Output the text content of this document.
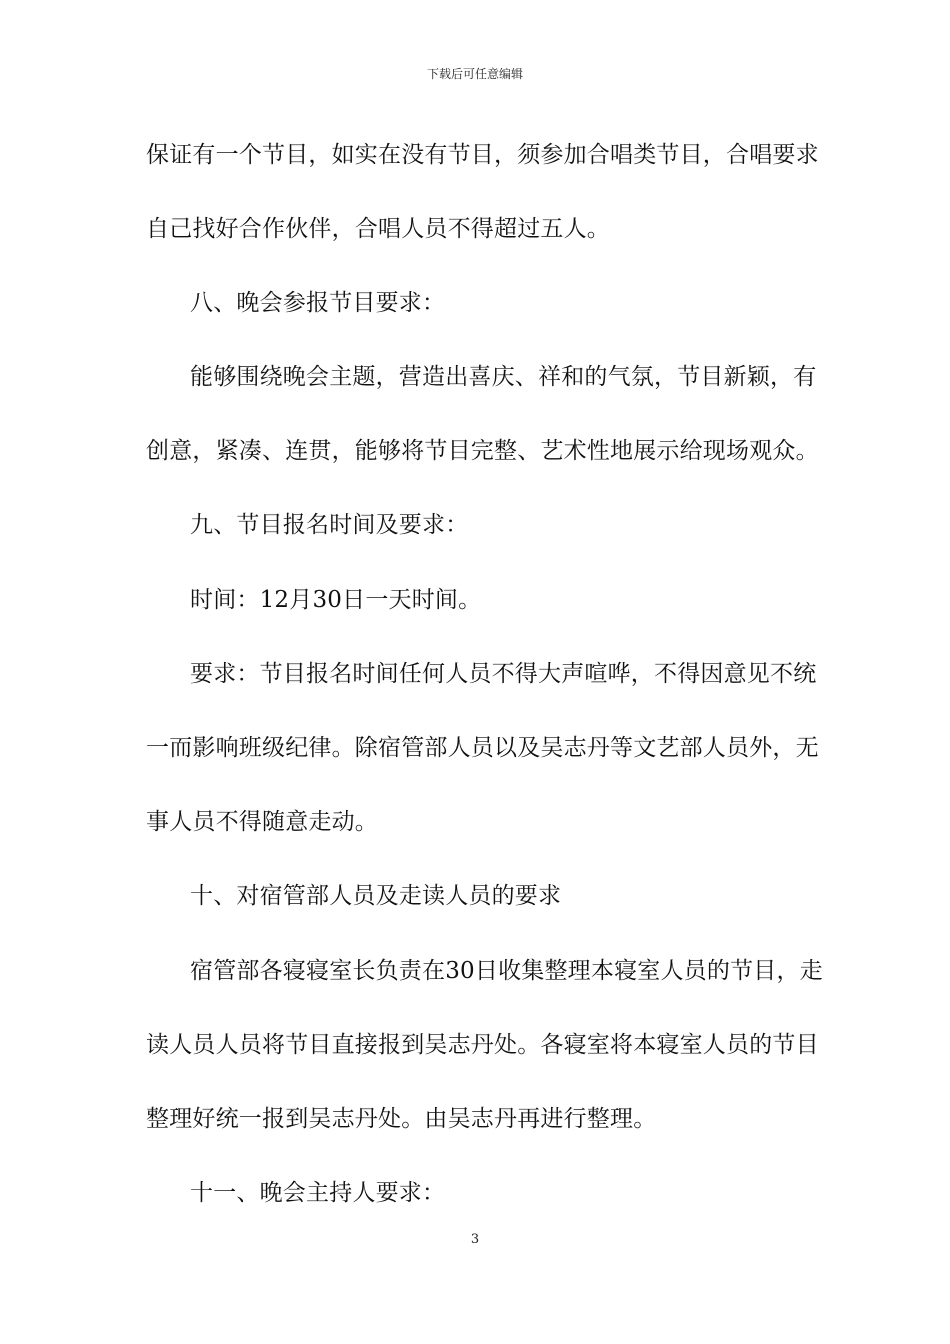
下载后可任意编辑
保证有一个节目，如实在没有节目，须参加合唱类节目，合唱要求
自己找好合作伙伴，合唱人员不得超过五人。
八、晚会参报节目要求：
能够围绕晚会主题，营造出喜庆、祥和的气氛，节目新颖，有
创意，紧凑、连贯，能够将节目完整、艺术性地展示给现场观众。
九、节目报名时间及要求：
时间：12月30日一天时间。
要求：节目报名时间任何人员不得大声喧哗，不得因意见不统
一而影响班级纪律。除宿管部人员以及吴志丹等文艺部人员外，无
事人员不得随意走动。
十、对宿管部人员及走读人员的要求
宿管部各寝寝室长负责在30日收集整理本寝室人员的节目，走
读人员人员将节目直接报到吴志丹处。各寝室将本寝室人员的节目
整理好统一报到吴志丹处。由吴志丹再进行整理。
十一、晚会主持人要求：
3
